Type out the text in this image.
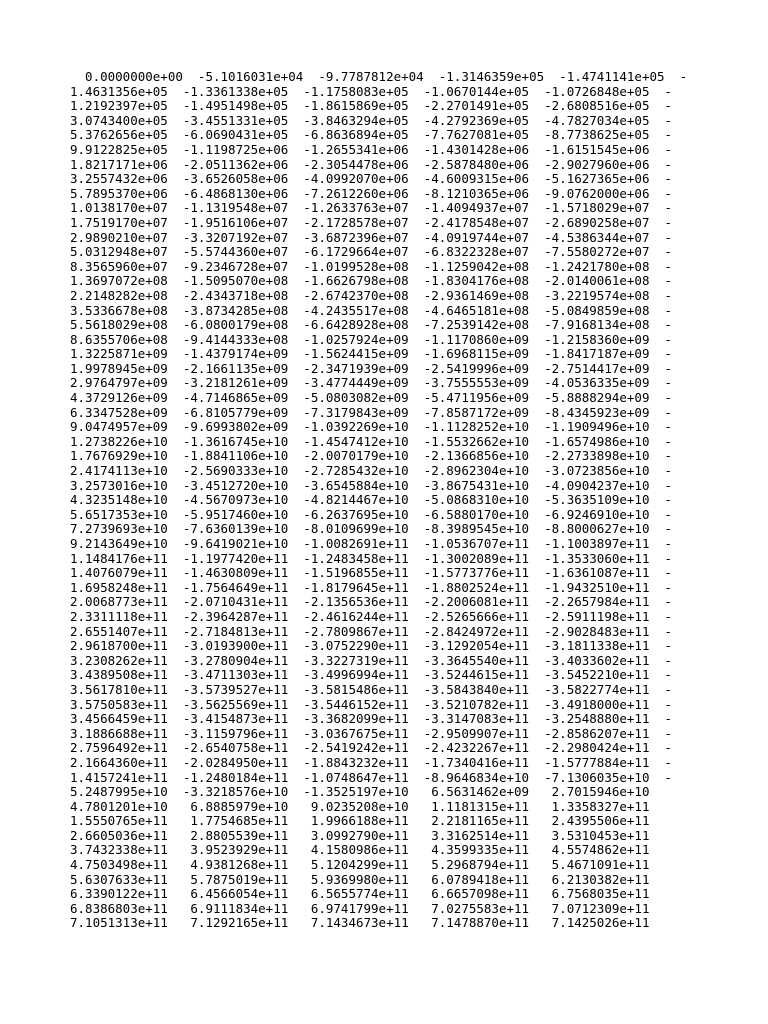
0.0000000e+00  -5.1016031e+04  -9.7787812e+04  -1.3146359e+05  -1.4741141e+05  -
1.4631356e+05  -1.3361338e+05  -1.1758083e+05  -1.0670144e+05  -1.0726848e+05  -
1.2192397e+05  -1.4951498e+05  -1.8615869e+05  -2.2701491e+05  -2.6808516e+05  -
3.0743400e+05  -3.4551331e+05  -3.8463294e+05  -4.2792369e+05  -4.7827034e+05  -
5.3762656e+05  -6.0690431e+05  -6.8636894e+05  -7.7627081e+05  -8.7738625e+05  -
9.9122825e+05  -1.1198725e+06  -1.2655341e+06  -1.4301428e+06  -1.6151545e+06  -
1.8217171e+06  -2.0511362e+06  -2.3054478e+06  -2.5878480e+06  -2.9027960e+06  -
3.2557432e+06  -3.6526058e+06  -4.0992070e+06  -4.6009315e+06  -5.1627365e+06  -
5.7895370e+06  -6.4868130e+06  -7.2612260e+06  -8.1210365e+06  -9.0762000e+06  -
1.0138170e+07  -1.1319548e+07  -1.2633763e+07  -1.4094937e+07  -1.5718029e+07  -
1.7519170e+07  -1.9516106e+07  -2.1728578e+07  -2.4178548e+07  -2.6890258e+07  -
2.9890210e+07  -3.3207192e+07  -3.6872396e+07  -4.0919744e+07  -4.5386344e+07  -
5.0312948e+07  -5.5744360e+07  -6.1729664e+07  -6.8322328e+07  -7.5580272e+07  -
8.3565960e+07  -9.2346728e+07  -1.0199528e+08  -1.1259042e+08  -1.2421780e+08  -
1.3697072e+08  -1.5095070e+08  -1.6626798e+08  -1.8304176e+08  -2.0140061e+08  -
2.2148282e+08  -2.4343718e+08  -2.6742370e+08  -2.9361469e+08  -3.2219574e+08  -
3.5336678e+08  -3.8734285e+08  -4.2435517e+08  -4.6465181e+08  -5.0849859e+08  -
5.5618029e+08  -6.0800179e+08  -6.6428928e+08  -7.2539142e+08  -7.9168134e+08  -
8.6355706e+08  -9.4144333e+08  -1.0257924e+09  -1.1170860e+09  -1.2158360e+09  -
1.3225871e+09  -1.4379174e+09  -1.5624415e+09  -1.6968115e+09  -1.8417187e+09  -
1.9978945e+09  -2.1661135e+09  -2.3471939e+09  -2.5419996e+09  -2.7514417e+09  -
2.9764797e+09  -3.2181261e+09  -3.4774449e+09  -3.7555553e+09  -4.0536335e+09  -
4.3729126e+09  -4.7146865e+09  -5.0803082e+09  -5.4711956e+09  -5.8888294e+09  -
6.3347528e+09  -6.8105779e+09  -7.3179843e+09  -7.8587172e+09  -8.4345923e+09  -
9.0474957e+09  -9.6993802e+09  -1.0392269e+10  -1.1128252e+10  -1.1909496e+10  -
1.2738226e+10  -1.3616745e+10  -1.4547412e+10  -1.5532662e+10  -1.6574986e+10  -
1.7676929e+10  -1.8841106e+10  -2.0070179e+10  -2.1366856e+10  -2.2733898e+10  -
2.4174113e+10  -2.5690333e+10  -2.7285432e+10  -2.8962304e+10  -3.0723856e+10  -
3.2573016e+10  -3.4512720e+10  -3.6545884e+10  -3.8675431e+10  -4.0904237e+10  -
4.3235148e+10  -4.5670973e+10  -4.8214467e+10  -5.0868310e+10  -5.3635109e+10  -
5.6517353e+10  -5.9517460e+10  -6.2637695e+10  -6.5880170e+10  -6.9246910e+10  -
7.2739693e+10  -7.6360139e+10  -8.0109699e+10  -8.3989545e+10  -8.8000627e+10  -
9.2143649e+10  -9.6419021e+10  -1.0082691e+11  -1.0536707e+11  -1.1003897e+11  -
1.1484176e+11  -1.1977420e+11  -1.2483458e+11  -1.3002089e+11  -1.3533060e+11  -
1.4076079e+11  -1.4630809e+11  -1.5196855e+11  -1.5773776e+11  -1.6361087e+11  -
1.6958248e+11  -1.7564649e+11  -1.8179645e+11  -1.8802524e+11  -1.9432510e+11  -
2.0068773e+11  -2.0710431e+11  -2.1356536e+11  -2.2006081e+11  -2.2657984e+11  -
2.3311118e+11  -2.3964287e+11  -2.4616244e+11  -2.5265666e+11  -2.5911198e+11  -
2.6551407e+11  -2.7184813e+11  -2.7809867e+11  -2.8424972e+11  -2.9028483e+11  -
2.9618700e+11  -3.0193900e+11  -3.0752290e+11  -3.1292054e+11  -3.1811338e+11  -
3.2308262e+11  -3.2780904e+11  -3.3227319e+11  -3.3645540e+11  -3.4033602e+11  -
3.4389508e+11  -3.4711303e+11  -3.4996994e+11  -3.5244615e+11  -3.5452210e+11  -
3.5617810e+11  -3.5739527e+11  -3.5815486e+11  -3.5843840e+11  -3.5822774e+11  -
3.5750583e+11  -3.5625569e+11  -3.5446152e+11  -3.5210782e+11  -3.4918000e+11  -
3.4566459e+11  -3.4154873e+11  -3.3682099e+11  -3.3147083e+11  -3.2548880e+11  -
3.1886688e+11  -3.1159796e+11  -3.0367675e+11  -2.9509907e+11  -2.8586207e+11  -
2.7596492e+11  -2.6540758e+11  -2.5419242e+11  -2.4232267e+11  -2.2980424e+11  -
2.1664360e+11  -2.0284950e+11  -1.8843232e+11  -1.7340416e+11  -1.5777884e+11  -
1.4157241e+11  -1.2480184e+11  -1.0748647e+11  -8.9646834e+10  -7.1306035e+10  -
5.2487995e+10  -3.3218576e+10  -1.3525197e+10   6.5631462e+09   2.7015946e+10
4.7801201e+10   6.8885979e+10   9.0235208e+10   1.1181315e+11   1.3358327e+11
1.5550765e+11   1.7754685e+11   1.9966188e+11   2.2181165e+11   2.4395506e+11
2.6605036e+11   2.8805539e+11   3.0992790e+11   3.3162514e+11   3.5310453e+11
3.7432338e+11   3.9523929e+11   4.1580986e+11   4.3599335e+11   4.5574862e+11
4.7503498e+11   4.9381268e+11   5.1204299e+11   5.2968794e+11   5.4671091e+11
5.6307633e+11   5.7875019e+11   5.9369980e+11   6.0789418e+11   6.2130382e+11
6.3390122e+11   6.4566054e+11   6.5655774e+11   6.6657098e+11   6.7568035e+11
6.8386803e+11   6.9111834e+11   6.9741799e+11   7.0275583e+11   7.0712309e+11
7.1051313e+11   7.1292165e+11   7.1434673e+11   7.1478870e+11   7.1425026e+11
